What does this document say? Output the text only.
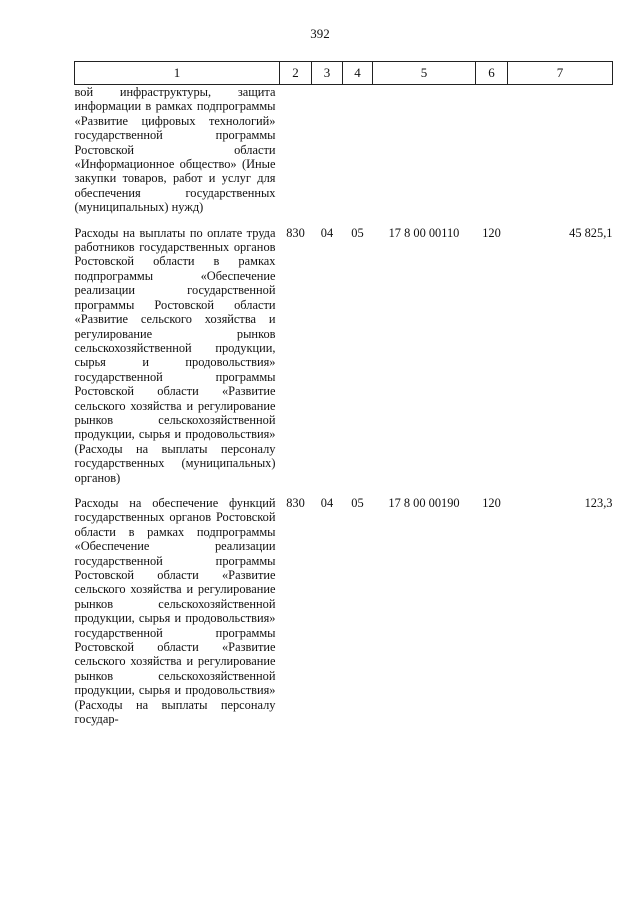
392
1	2	3	4	5	6	7
вой инфраструктуры, защита информации в рамках подпрограммы «Развитие цифровых технологий» государственной программы Ростовской области «Информационное общество» (Иные закупки товаров, работ и услуг для обеспечения государственных (муниципальных) нужд)						

Расходы на выплаты по оплате труда работников государственных органов Ростовской области в рамках подпрограммы «Обеспечение реализации государственной программы Ростовской области «Развитие сельского хозяйства и регулирование рынков сельскохозяйственной продукции, сырья и продовольствия» государственной программы Ростовской области «Развитие сельского хозяйства и регулирование рынков сельскохозяйственной продукции, сырья и продовольствия» (Расходы на выплаты персоналу государственных (муниципальных) органов)	830	04	05	17 8 00 00110	120	45 825,1

Расходы на обеспечение функций государственных органов Ростовской области в рамках подпрограммы «Обеспечение реализации государственной программы Ростовской области «Развитие сельского хозяйства и регулирование рынков сельскохозяйственной продукции, сырья и продовольствия» государственной программы Ростовской области «Развитие сельского хозяйства и регулирование рынков сельскохозяйственной продукции, сырья и продовольствия» (Расходы на выплаты персоналу государ-	830	04	05	17 8 00 00190	120	123,3
